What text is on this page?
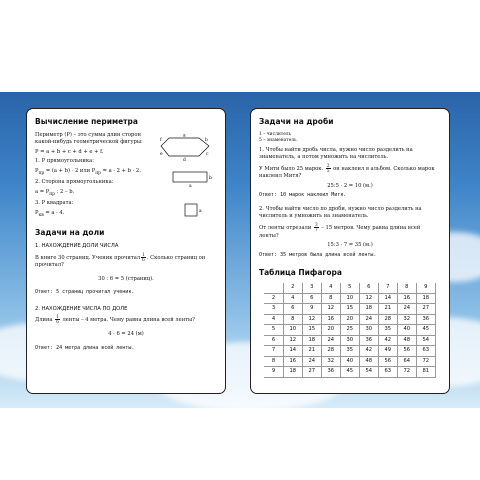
Вычисление периметра
a
b
c
d
e
f
a
b
a

Периметр (P) – это сумма длин сторон какой-нибудь геометрической фигуры:

P = a + b + c + d + e + f.

1. P прямоугольника:

$P_{пр} = (a + b) \cdot 2$ или $P_{пр} = a \cdot 2 + b \cdot 2$.

2. Сторона прямоугольника:

$a = P_{пр}$ : 2 – b.

3. P квадрата:

$P_{кв} = a \cdot 4$.

Задачи на доли

1. НАХОЖДЕНИЕ ДОЛИ ЧИСЛА

В книге 30 страниц. Ученик прочитал $\frac{1}{6}$ . Сколько страниц он прочитал?

30 : 6 = 5 (страниц).

Ответ: 5 страниц прочитал ученик.

2. НАХОЖДЕНИЕ ЧИСЛА ПО ДОЛЕ

Длина $\frac{1}{6}$ ленты – 4 метра. Чему равна длина всей ленты?

4 · 6 = 24 (м)

Ответ: 24 метра длина всей ленты.

Задачи на дроби

1 – числитель

5 – знаменатель

1. Чтобы найти дробь числа, нужно число разделить на знаменатель, а потом умножить на числитель.

У Мити было 25 марок. $\frac{2}{5}$ он наклеил в альбом. Сколько марок наклеил Митя?

25:5 · 2 = 10 (м.)

Ответ: 10 марок наклеил Митя.

2. Чтобы найти число по дроби, нужно число разделить на числитель и умножить на знаменатель.

От ленты отрезали $\frac{3}{7} - 15$ метров. Чему равна длина всей ленты?

15:3 · 7 = 35 (м.)

Ответ: 35 метров была длина всей ленты.

Таблица Пифагора
	2	3	4	5	6	7	8	9
2	4	6	8	10	12	14	16	18
3	6	9	12	15	18	21	24	27
4	8	12	16	20	24	28	32	36
5	10	15	20	25	30	35	40	45
6	12	18	24	30	36	42	48	54
7	14	21	28	35	42	49	56	63
8	16	24	32	40	48	56	64	72
9	18	27	36	45	54	63	72	81
